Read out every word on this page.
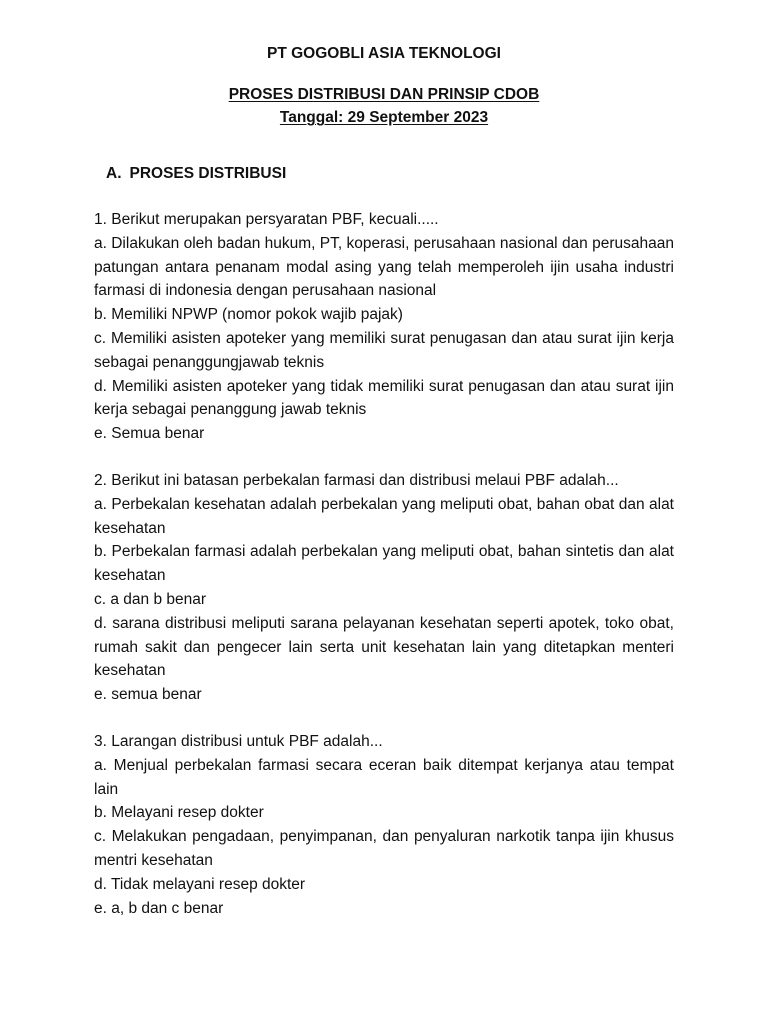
PT GOGOBLI ASIA TEKNOLOGI
PROSES DISTRIBUSI DAN PRINSIP CDOB
Tanggal: 29 September 2023
A. PROSES DISTRIBUSI

1. Berikut merupakan persyaratan PBF, kecuali.....

a. Dilakukan oleh badan hukum, PT, koperasi, perusahaan nasional dan perusahaan patungan antara penanam modal asing yang telah memperoleh ijin usaha industri farmasi di indonesia dengan perusahaan nasional

b. Memiliki NPWP (nomor pokok wajib pajak)

c. Memiliki asisten apoteker yang memiliki surat penugasan dan atau surat ijin kerja sebagai penanggungjawab teknis

d. Memiliki asisten apoteker yang tidak memiliki surat penugasan dan atau surat ijin kerja sebagai penanggung jawab teknis

e. Semua benar

2. Berikut ini batasan perbekalan farmasi dan distribusi melaui PBF adalah...

a. Perbekalan kesehatan adalah perbekalan yang meliputi obat, bahan obat dan alat kesehatan

b. Perbekalan farmasi adalah perbekalan yang meliputi obat, bahan sintetis dan alat kesehatan

c. a dan b benar

d. sarana distribusi meliputi sarana pelayanan kesehatan seperti apotek, toko obat, rumah sakit dan pengecer lain serta unit kesehatan lain yang ditetapkan menteri kesehatan

e. semua benar

3. Larangan distribusi untuk PBF adalah...

a. Menjual perbekalan farmasi secara eceran baik ditempat kerjanya atau tempat lain

b. Melayani resep dokter

c. Melakukan pengadaan, penyimpanan, dan penyaluran narkotik tanpa ijin khusus mentri kesehatan

d. Tidak melayani resep dokter

e. a, b dan c benar
